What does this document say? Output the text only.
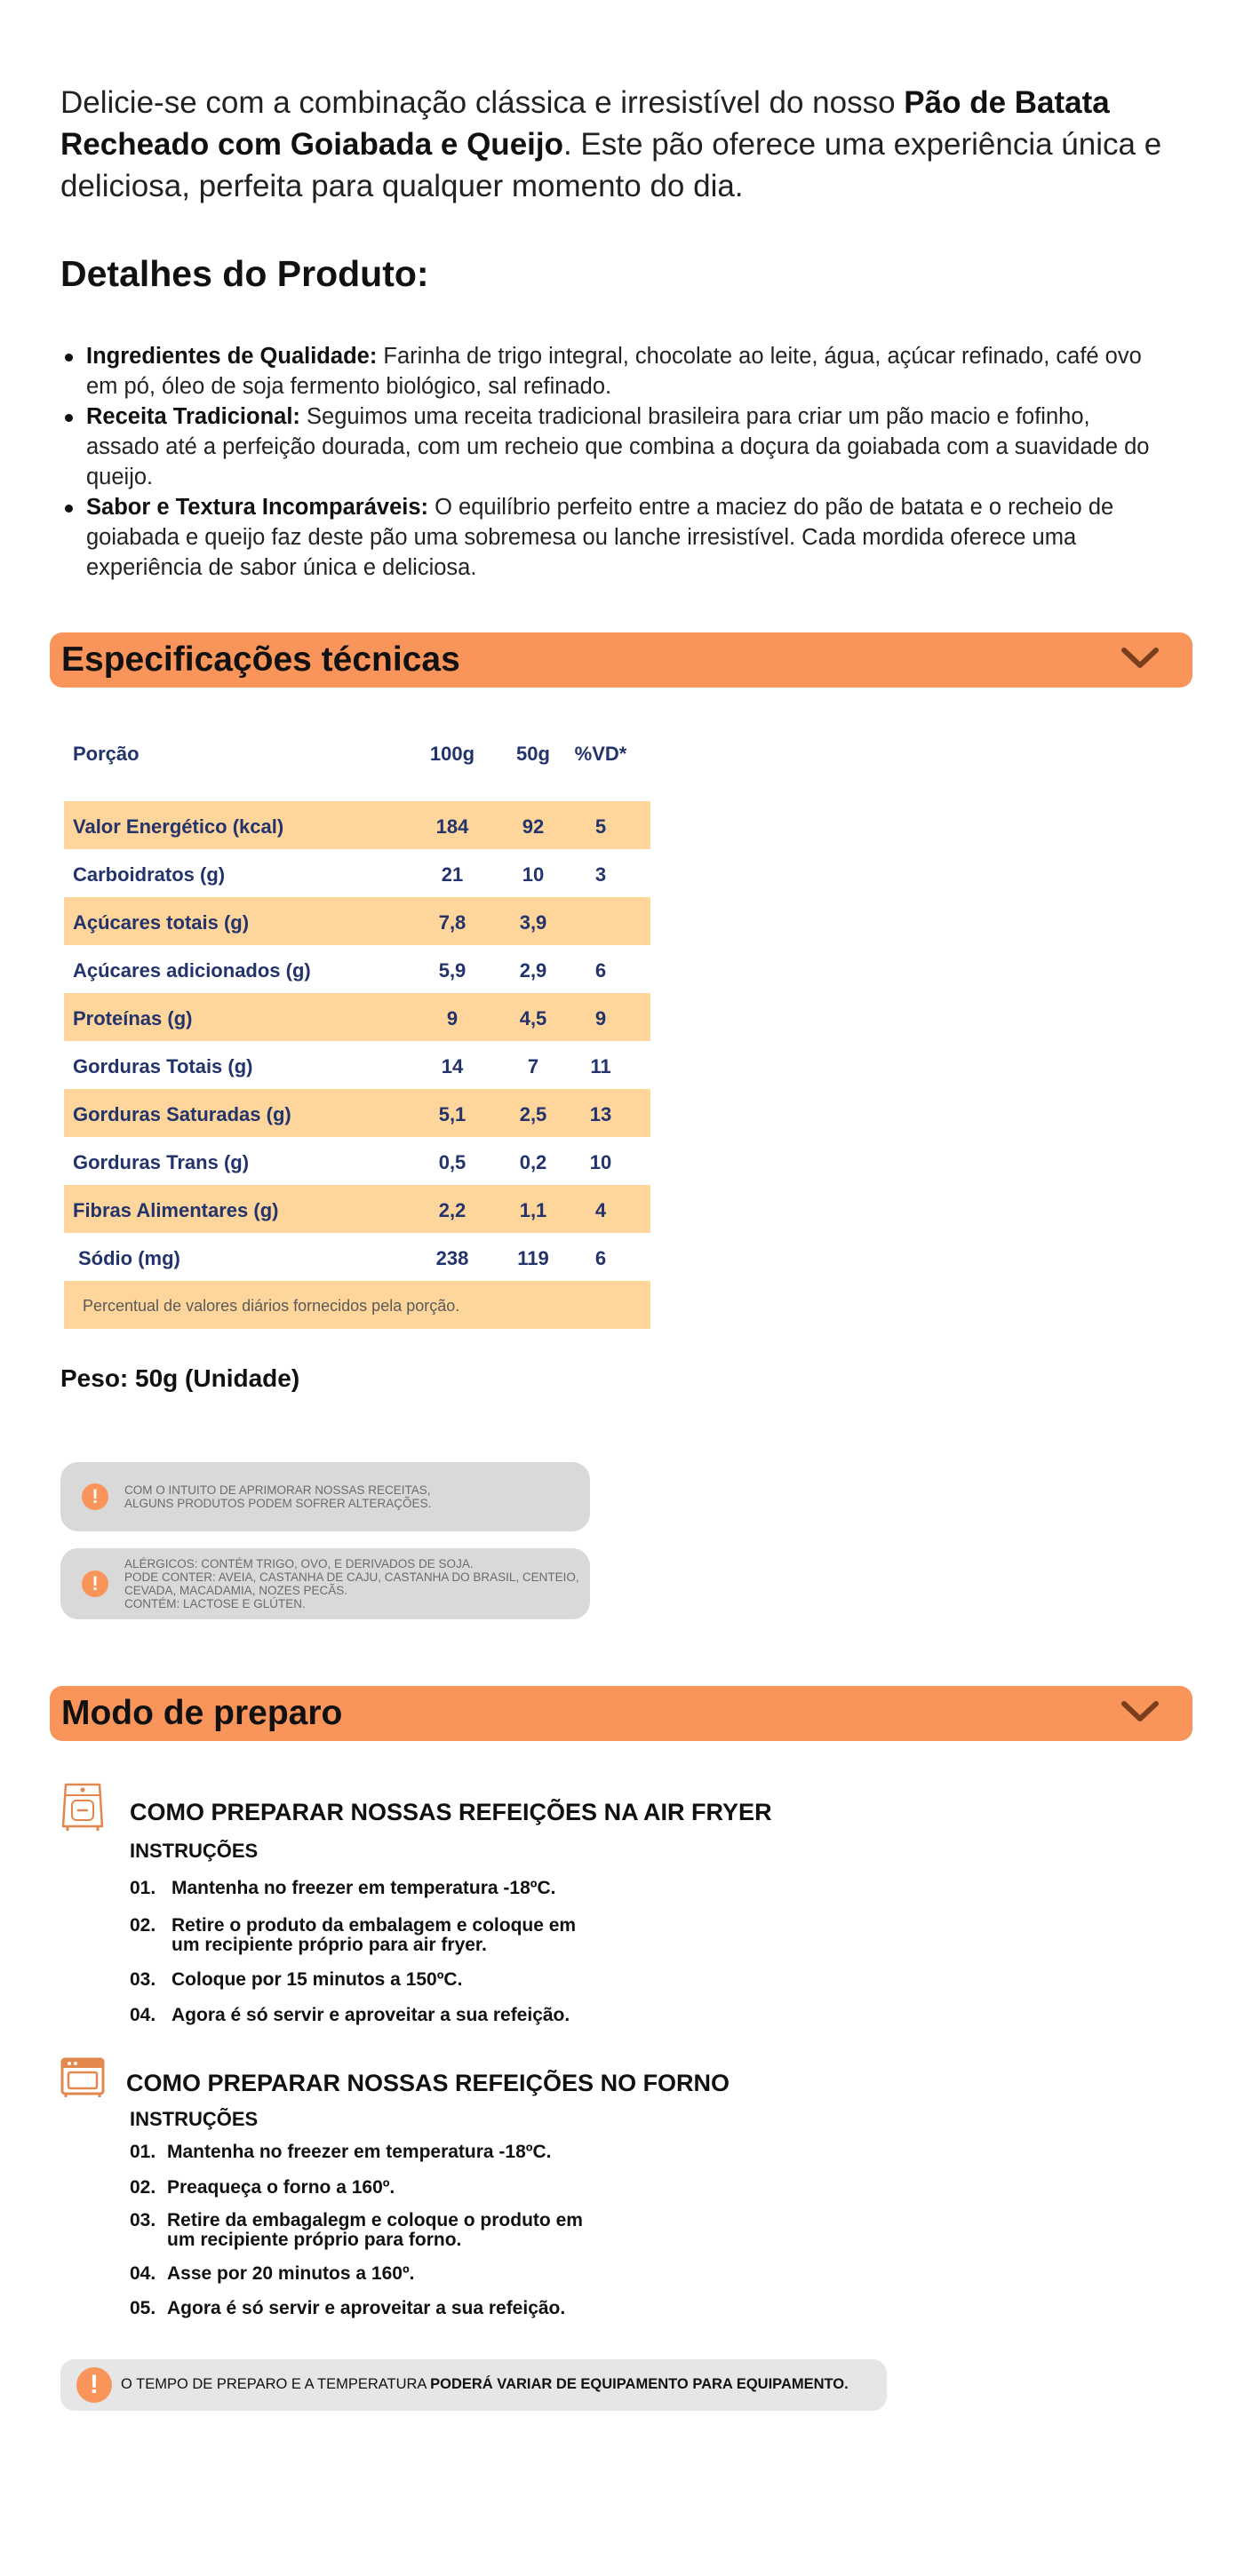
Delicie-se com a combinação clássica e irresistível do nosso Pão de Batata Recheado com Goiabada e Queijo. Este pão oferece uma experiência única e deliciosa, perfeita para qualquer momento do dia.

Detalhes do Produto:
Ingredientes de Qualidade: Farinha de trigo integral, chocolate ao leite, água, açúcar refinado, café ovo em pó, óleo de soja fermento biológico, sal refinado.
Receita Tradicional: Seguimos uma receita tradicional brasileira para criar um pão macio e fofinho, assado até a perfeição dourada, com um recheio que combina a doçura da goiabada com a suavidade do queijo.
Sabor e Textura Incomparáveis: O equilíbrio perfeito entre a maciez do pão de batata e o recheio de goiabada e queijo faz deste pão uma sobremesa ou lanche irresistível. Cada mordida oferece uma experiência de sabor única e deliciosa.
Especificações técnicas
Porção	100g	50g	%VD*
Valor Energético (kcal)	184	92	5
Carboidratos (g)	21	10	3
Açúcares totais (g)	7,8	3,9
Açúcares adicionados (g)	5,9	2,9	6
Proteínas (g)	9	4,5	9
Gorduras Totais (g)	14	7	11
Gorduras Saturadas (g)	5,1	2,5	13
Gorduras Trans (g)	0,5	0,2	10
Fibras Alimentares (g)	2,2	1,1	4
Sódio (mg)	238	119	6
Percentual de valores diários fornecidos pela porção.
Peso: 50g (Unidade)
!	COM O INTUITO DE APRIMORAR NOSSAS RECEITAS,
ALGUNS PRODUTOS PODEM SOFRER ALTERAÇÕES.
!
ALÉRGICOS: CONTÉM TRIGO, OVO, E DERIVADOS DE SOJA.
PODE CONTER: AVEIA, CASTANHA DE CAJU, CASTANHA DO BRASIL, CENTEIO,
CEVADA, MACADAMIA, NOZES PECÃS.
CONTÉM: LACTOSE E GLÚTEN.
Modo de preparo
COMO PREPARAR NOSSAS REFEIÇÕES NA AIR FRYER
INSTRUÇÕES
01. Mantenha no freezer em temperatura -18ºC.
02. Retire o produto da embalagem e coloque em
um recipiente próprio para air fryer.
03. Coloque por 15 minutos a 150ºC.
04. Agora é só servir e aproveitar a sua refeição.
COMO PREPARAR NOSSAS REFEIÇÕES NO FORNO
INSTRUÇÕES
01. Mantenha no freezer em temperatura -18ºC.
02. Preaqueça o forno a 160º.
03. Retire da embagalegm e coloque o produto em
um recipiente próprio para forno.
04. Asse por 20 minutos a 160º.
05. Agora é só servir e aproveitar a sua refeição.
!	O TEMPO DE PREPARO E A TEMPERATURA PODERÁ VARIAR DE EQUIPAMENTO PARA EQUIPAMENTO.
